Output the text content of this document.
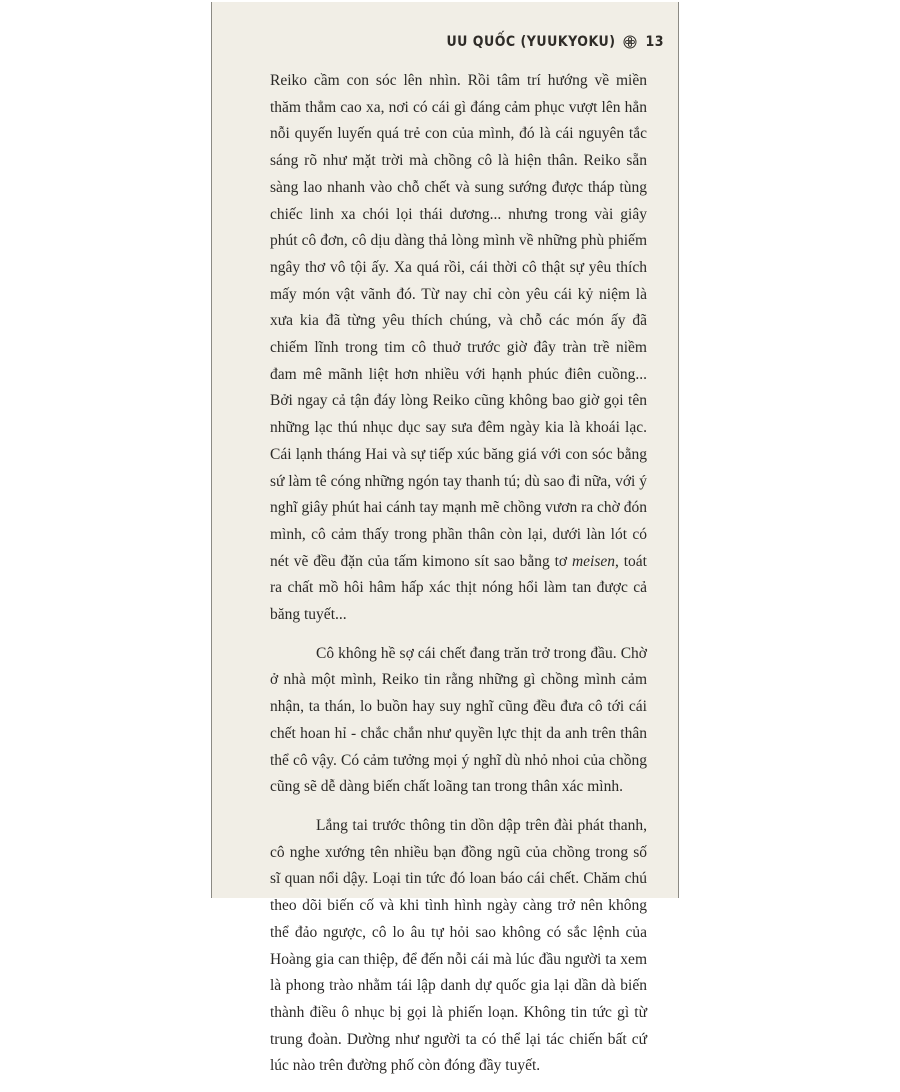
UU QUỐC (YUUKYOKU) 13

Reiko cầm con sóc lên nhìn. Rồi tâm trí hướng về miền thăm thẳm cao xa, nơi có cái gì đáng cảm phục vượt lên hẳn nỗi quyến luyến quá trẻ con của mình, đó là cái nguyên tắc sáng rõ như mặt trời mà chồng cô là hiện thân. Reiko sẵn sàng lao nhanh vào chỗ chết và sung sướng được tháp tùng chiếc linh xa chói lọi thái dương... nhưng trong vài giây phút cô đơn, cô dịu dàng thả lòng mình về những phù phiếm ngây thơ vô tội ấy. Xa quá rồi, cái thời cô thật sự yêu thích mấy món vật vãnh đó. Từ nay chỉ còn yêu cái kỷ niệm là xưa kia đã từng yêu thích chúng, và chỗ các món ấy đã chiếm lĩnh trong tim cô thuở trước giờ đây tràn trề niềm đam mê mãnh liệt hơn nhiều với hạnh phúc điên cuồng... Bởi ngay cả tận đáy lòng Reiko cũng không bao giờ gọi tên những lạc thú nhục dục say sưa đêm ngày kia là khoái lạc. Cái lạnh tháng Hai và sự tiếp xúc băng giá với con sóc bằng sứ làm tê cóng những ngón tay thanh tú; dù sao đi nữa, với ý nghĩ giây phút hai cánh tay mạnh mẽ chồng vươn ra chờ đón mình, cô cảm thấy trong phần thân còn lại, dưới làn lót có nét vẽ đều đặn của tấm kimono sít sao bằng tơ meisen, toát ra chất mồ hôi hâm hấp xác thịt nóng hổi làm tan được cả băng tuyết...

Cô không hề sợ cái chết đang trăn trở trong đầu. Chờ ở nhà một mình, Reiko tin rằng những gì chồng mình cảm nhận, ta thán, lo buồn hay suy nghĩ cũng đều đưa cô tới cái chết hoan hỉ - chắc chắn như quyền lực thịt da anh trên thân thể cô vậy. Có cảm tưởng mọi ý nghĩ dù nhỏ nhoi của chồng cũng sẽ dễ dàng biến chất loãng tan trong thân xác mình.

Lắng tai trước thông tin dồn dập trên đài phát thanh, cô nghe xướng tên nhiều bạn đồng ngũ của chồng trong số sĩ quan nổi dậy. Loại tin tức đó loan báo cái chết. Chăm chú theo dõi biến cố và khi tình hình ngày càng trở nên không thể đảo ngược, cô lo âu tự hỏi sao không có sắc lệnh của Hoàng gia can thiệp, để đến nỗi cái mà lúc đầu người ta xem là phong trào nhằm tái lập danh dự quốc gia lại dần dà biến thành điều ô nhục bị gọi là phiến loạn. Không tin tức gì từ trung đoàn. Dường như người ta có thể lại tác chiến bất cứ lúc nào trên đường phố còn đóng đầy tuyết.
